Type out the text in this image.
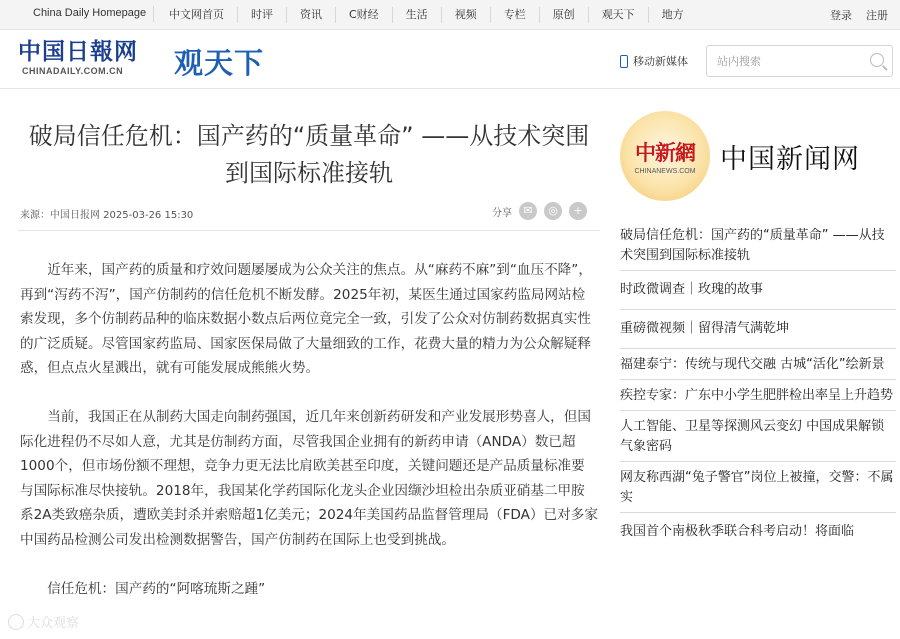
China Daily Homepage	中文网首页	时评	资讯	C财经	生活	视频	专栏	原创	观天下	地方	登录 注册
中国日報网
CHINADAILY.COM.CN	观天下	移动新媒体
站内搜索
破局信任危机：国产药的“质量革命” ——从技术突围到国际标准接轨
来源：中国日报网 2025-03-26 15:30	分享	✉	◎	+

近年来，国产药的质量和疗效问题屡屡成为公众关注的焦点。从“麻药不麻”到“血压不降”，再到“泻药不泻”，国产仿制药的信任危机不断发酵。2025年初，某医生通过国家药监局网站检索发现，多个仿制药品种的临床数据小数点后两位竟完全一致，引发了公众对仿制药数据真实性的广泛质疑。尽管国家药监局、国家医保局做了大量细致的工作，花费大量的精力为公众解疑释惑，但点点火星溅出，就有可能发展成熊熊火势。

当前，我国正在从制药大国走向制药强国，近几年来创新药研发和产业发展形势喜人，但国际化进程仍不尽如人意，尤其是仿制药方面，尽管我国企业拥有的新药申请（ANDA）数已超1000个，但市场份额不理想，竞争力更无法比肩欧美甚至印度，关键问题还是产品质量标准要与国际标准尽快接轨。2018年，我国某化学药国际化龙头企业因缬沙坦检出杂质亚硝基二甲胺系2A类致癌杂质，遭欧美封杀并索赔超1亿美元；2024年美国药品监督管理局（FDA）已对多家中国药品检测公司发出检测数据警告，国产仿制药在国际上也受到挑战。

信任危机：国产药的“阿喀琉斯之踵”
中新網
CHINANEWS.COM 中国新闻网
破局信任危机：国产药的“质量革命” ——从技术突围到国际标准接轨
时政微调查｜玫瑰的故事
重磅微视频｜留得清气满乾坤
福建泰宁：传统与现代交融 古城“活化”绘新景
疾控专家：广东中小学生肥胖检出率呈上升趋势
人工智能、卫星等探测风云变幻 中国成果解锁气象密码
网友称西湖“兔子警官”岗位上被撞，交警：不属实
我国首个南极秋季联合科考启动！将面临
大众观察
